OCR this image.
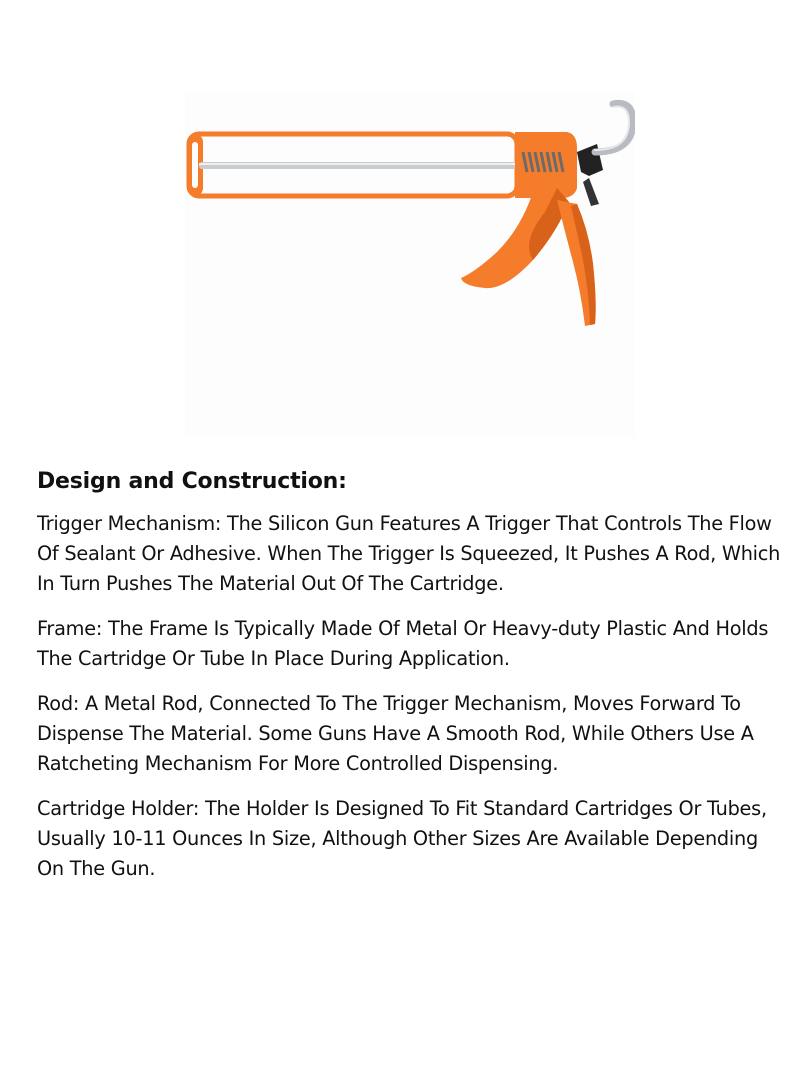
Design and Construction:

Trigger Mechanism: The Silicon Gun Features A Trigger That Controls The Flow Of Sealant Or Adhesive. When The Trigger Is Squeezed, It Pushes A Rod, Which In Turn Pushes The Material Out Of The Cartridge.

Frame: The Frame Is Typically Made Of Metal Or Heavy-duty Plastic And Holds The Cartridge Or Tube In Place During Application.

Rod: A Metal Rod, Connected To The Trigger Mechanism, Moves Forward To Dispense The Material. Some Guns Have A Smooth Rod, While Others Use A Ratcheting Mechanism For More Controlled Dispensing.

Cartridge Holder: The Holder Is Designed To Fit Standard Cartridges Or Tubes, Usually 10-11 Ounces In Size, Although Other Sizes Are Available Depending On The Gun.
